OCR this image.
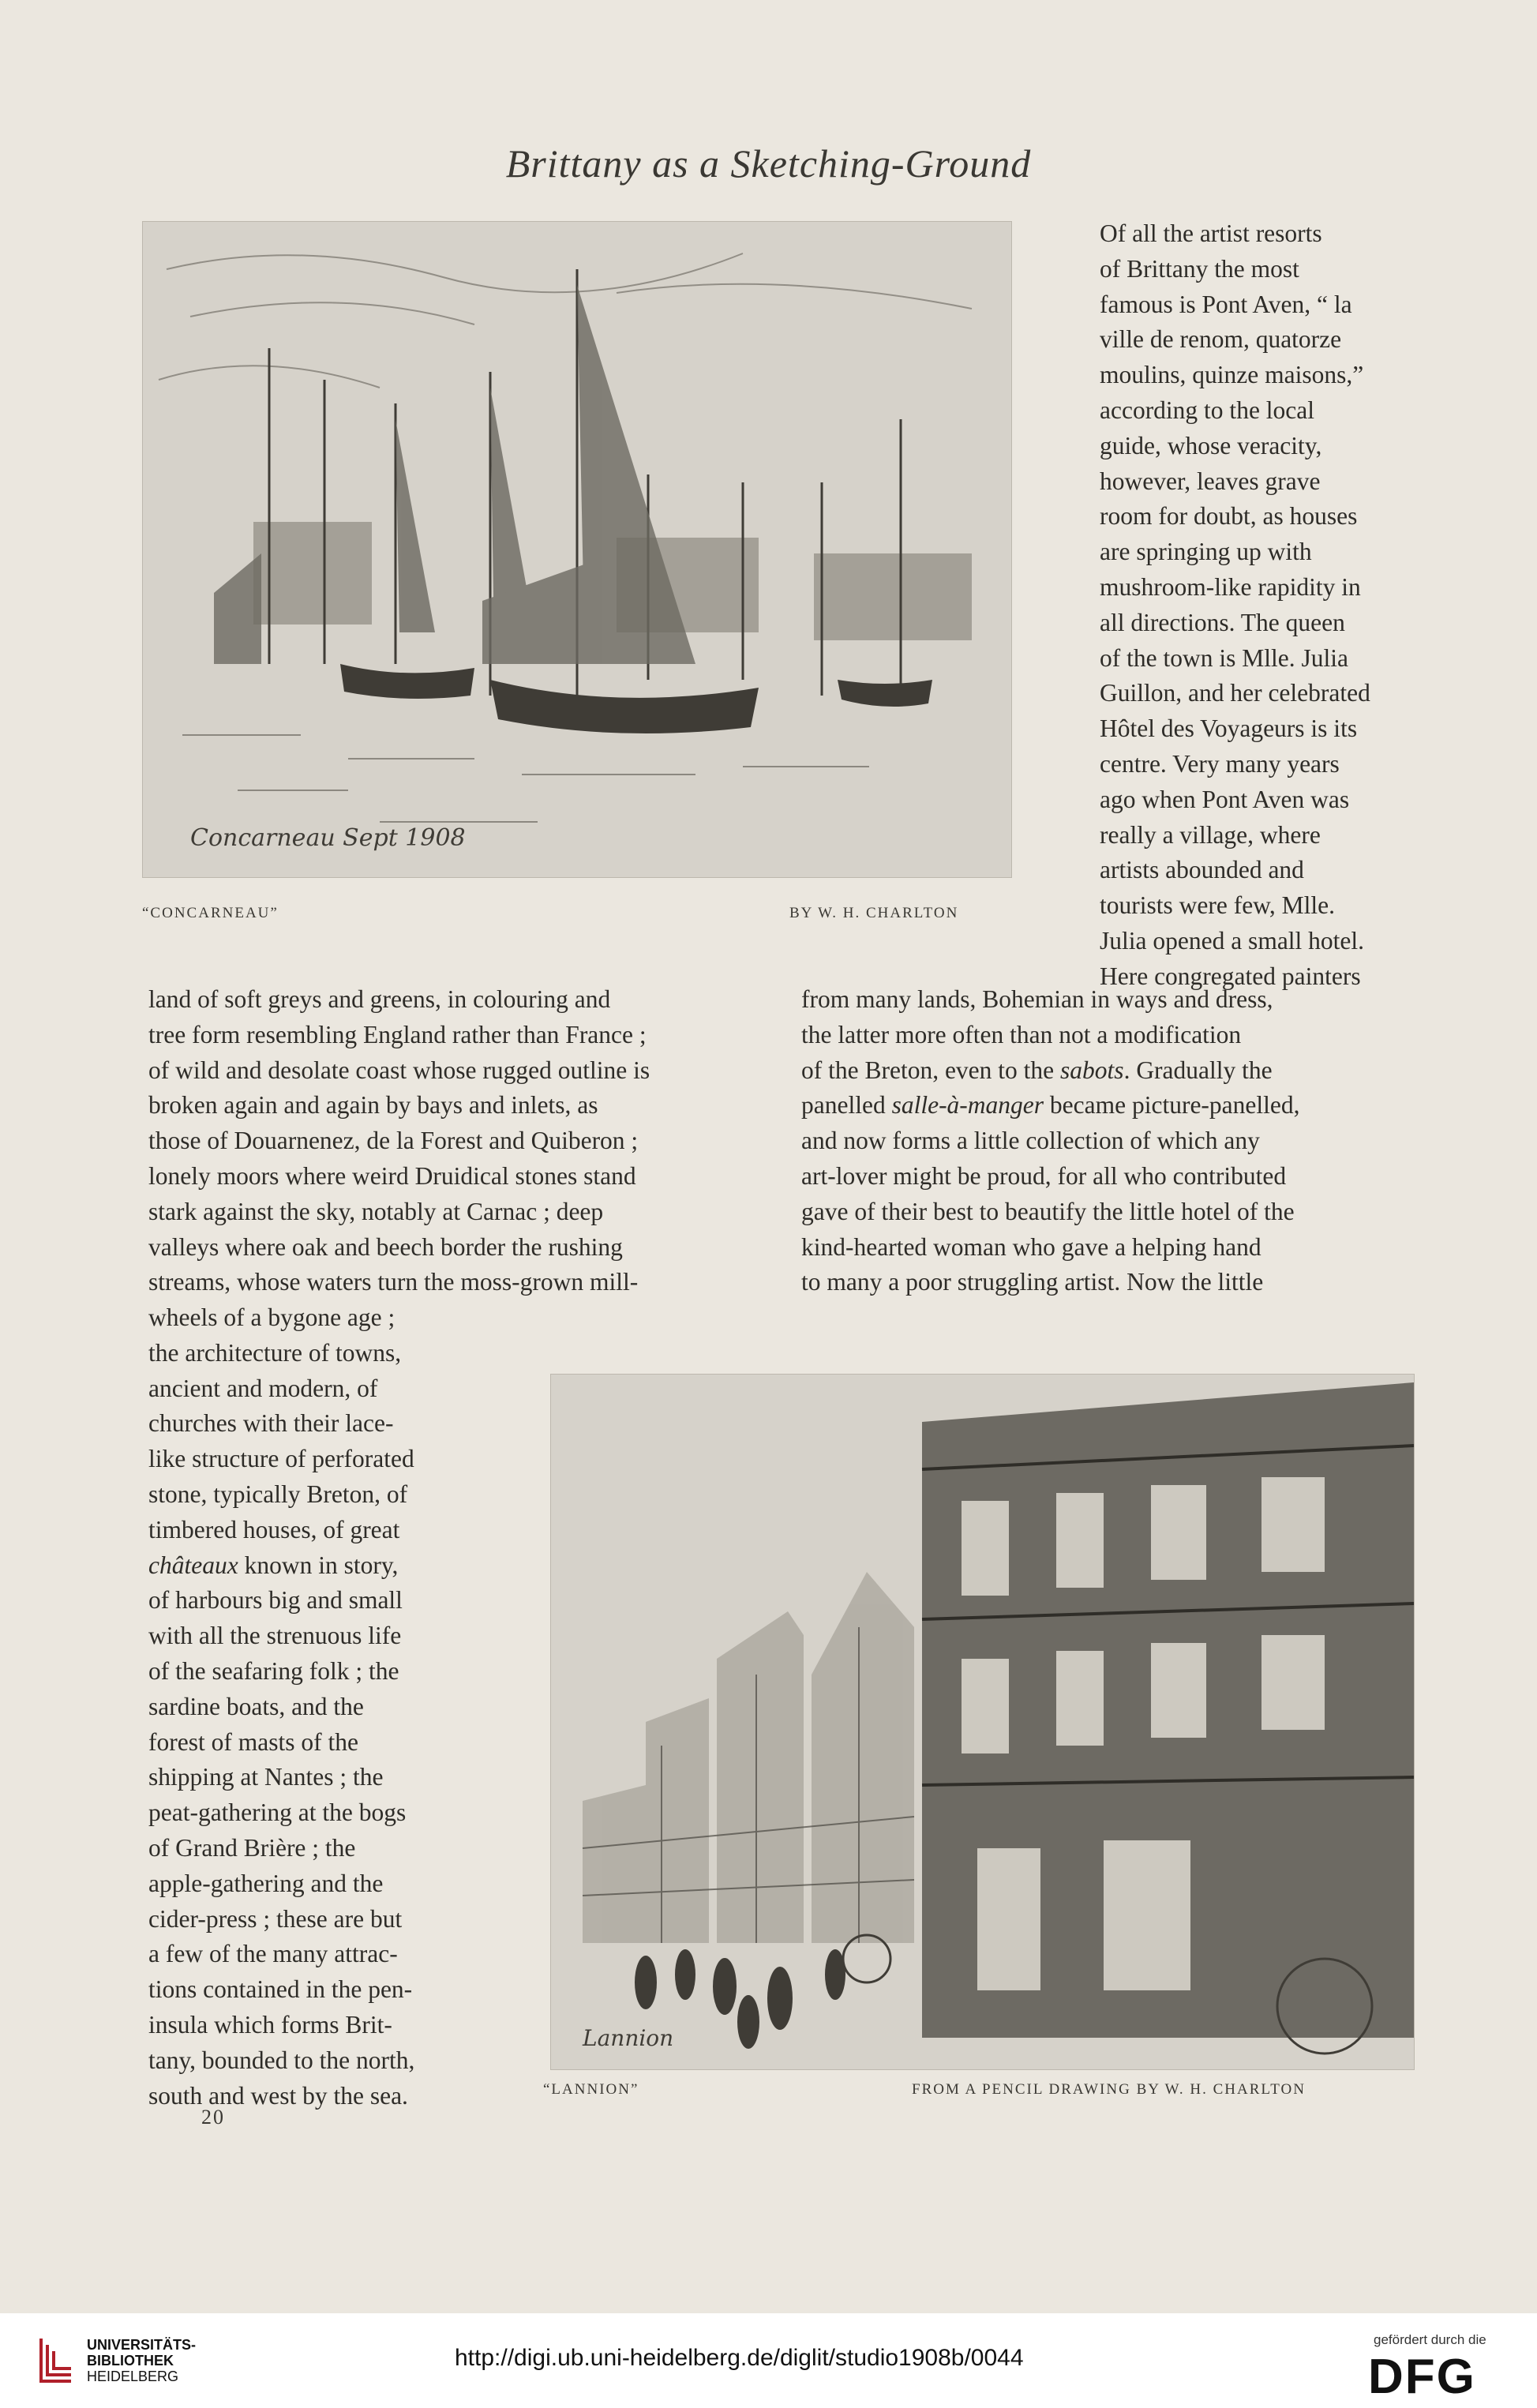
Brittany as a Sketching-Ground
Concarneau Sept 1908
“CONCARNEAU”	BY W. H. CHARLTON

Of all the artist resorts

of Brittany the most

famous is Pont Aven, “ la

ville de renom, quatorze

moulins, quinze maisons,”

according to the local

guide, whose veracity,

however, leaves grave

room for doubt, as houses

are springing up with

mushroom-like rapidity in

all directions. The queen

of the town is Mlle. Julia

Guillon, and her celebrated

Hôtel des Voyageurs is its

centre. Very many years

ago when Pont Aven was

really a village, where

artists abounded and

tourists were few, Mlle.

Julia opened a small hotel.

Here congregated painters

land of soft greys and greens, in colouring and

tree form resembling England rather than France ;

of wild and desolate coast whose rugged outline is

broken again and again by bays and inlets, as

those of Douarnenez, de la Forest and Quiberon ;

lonely moors where weird Druidical stones stand

stark against the sky, notably at Carnac ; deep

valleys where oak and beech border the rushing

streams, whose waters turn the moss-grown mill-

from many lands, Bohemian in ways and dress,

the latter more often than not a modification

of the Breton, even to the sabots. Gradually the

panelled salle-à-manger became picture-panelled,

and now forms a little collection of which any

art-lover might be proud, for all who contributed

gave of their best to beautify the little hotel of the

kind-hearted woman who gave a helping hand

to many a poor struggling artist. Now the little

wheels of a bygone age ;

the architecture of towns,

ancient and modern, of

churches with their lace-

like structure of perforated

stone, typically Breton, of

timbered houses, of great

châteaux known in story,

of harbours big and small

with all the strenuous life

of the seafaring folk ; the

sardine boats, and the

forest of masts of the

shipping at Nantes ; the

peat-gathering at the bogs

of Grand Brière ; the

apple-gathering and the

cider-press ; these are but

a few of the many attrac-

tions contained in the pen-

insula which forms Brit-

tany, bounded to the north,

south and west by the sea.

Lannion
“LANNION”	FROM A PENCIL DRAWING BY W. H. CHARLTON
20
UNIVERSITÄTS-
BIBLIOTHEK
HEIDELBERG
http://digi.ub.uni-heidelberg.de/diglit/studio1908b/0044
gefördert durch die
DFG
